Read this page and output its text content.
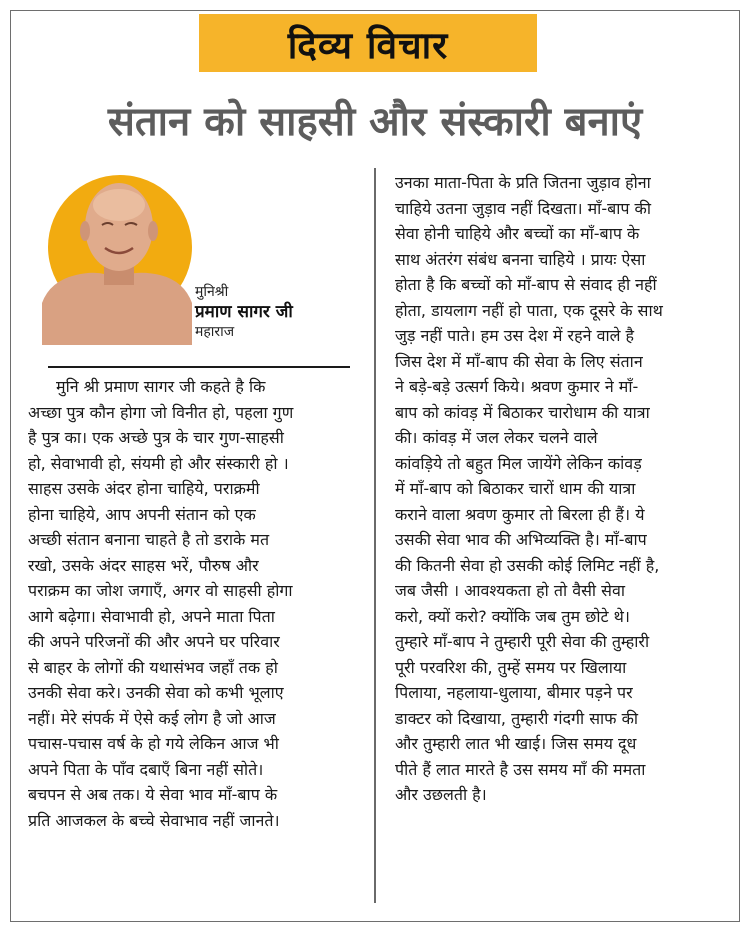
दिव्य विचार
संतान को साहसी और संस्कारी बनाएं
मुनिश्री
प्रमाण सागर जी
महाराज
मुनि श्री प्रमाण सागर जी कहते है कि
अच्छा पुत्र कौन होगा जो विनीत हो, पहला गुण
है पुत्र का। एक अच्छे पुत्र के चार गुण-साहसी
हो, सेवाभावी हो, संयमी हो और संस्कारी हो ।
साहस उसके अंदर होना चाहिये, पराक्रमी
होना चाहिये, आप अपनी संतान को एक
अच्छी संतान बनाना चाहते है तो डराके मत
रखो, उसके अंदर साहस भरें, पौरुष और
पराक्रम का जोश जगाएँ, अगर वो साहसी होगा
आगे बढ़ेगा। सेवाभावी हो, अपने माता पिता
की अपने परिजनों की और अपने घर परिवार
से बाहर के लोगों की यथासंभव जहाँ तक हो
उनकी सेवा करे। उनकी सेवा को कभी भूलाए
नहीं। मेरे संपर्क में ऐसे कई लोग है जो आज
पचास-पचास वर्ष के हो गये लेकिन आज भी
अपने पिता के पाँव दबाएँ बिना नहीं सोते।
बचपन से अब तक। ये सेवा भाव माँ-बाप के
प्रति आजकल के बच्चे सेवाभाव नहीं जानते।
उनका माता-पिता के प्रति जितना जुड़ाव होना
चाहिये उतना जुड़ाव नहीं दिखता। माँ-बाप की
सेवा होनी चाहिये और बच्चों का माँ-बाप के
साथ अंतरंग संबंध बनना चाहिये । प्रायः ऐसा
होता है कि बच्चों को माँ-बाप से संवाद ही नहीं
होता, डायलाग नहीं हो पाता, एक दूसरे के साथ
जुड़ नहीं पाते। हम उस देश में रहने वाले है
जिस देश में माँ-बाप की सेवा के लिए संतान
ने बड़े-बड़े उत्सर्ग किये। श्रवण कुमार ने माँ-
बाप को कांवड़ में बिठाकर चारोधाम की यात्रा
की। कांवड़ में जल लेकर चलने वाले
कांवड़िये तो बहुत मिल जायेंगे लेकिन कांवड़
में माँ-बाप को बिठाकर चारों धाम की यात्रा
कराने वाला श्रवण कुमार तो बिरला ही हैं। ये
उसकी सेवा भाव की अभिव्यक्ति है। माँ-बाप
की कितनी सेवा हो उसकी कोई लिमिट नहीं है,
जब जैसी । आवश्यकता हो तो वैसी सेवा
करो, क्यों करो? क्योंकि जब तुम छोटे थे।
तुम्हारे माँ-बाप ने तुम्हारी पूरी सेवा की तुम्हारी
पूरी परवरिश की, तुम्हें समय पर खिलाया
पिलाया, नहलाया-धुलाया, बीमार पड़ने पर
डाक्टर को दिखाया, तुम्हारी गंदगी साफ की
और तुम्हारी लात भी खाई। जिस समय दूध
पीते हैं लात मारते है उस समय माँ की ममता
और उछलती है।
